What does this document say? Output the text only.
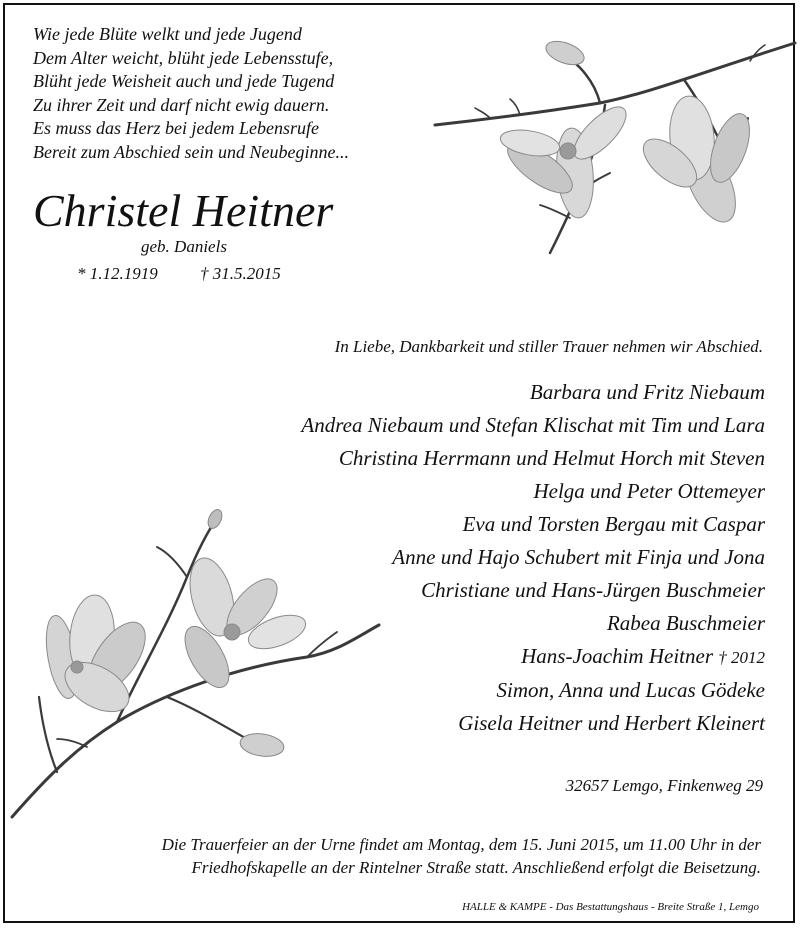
Wie jede Blüte welkt und jede Jugend
Dem Alter weicht, blüht jede Lebensstufe,
Blüht jede Weisheit auch und jede Tugend
Zu ihrer Zeit und darf nicht ewig dauern.
Es muss das Herz bei jedem Lebensrufe
Bereit zum Abschied sein und Neubeginne...
Christel Heitner
geb. Daniels
* 1.12.1919 † 31.5.2015
In Liebe, Dankbarkeit und stiller Trauer nehmen wir Abschied.
Barbara und Fritz Niebaum
Andrea Niebaum und Stefan Klischat mit Tim und Lara
Christina Herrmann und Helmut Horch mit Steven
Helga und Peter Ottemeyer
Eva und Torsten Bergau mit Caspar
Anne und Hajo Schubert mit Finja und Jona
Christiane und Hans-Jürgen Buschmeier
Rabea Buschmeier
Hans-Joachim Heitner † 2012
Simon, Anna und Lucas Gödeke
Gisela Heitner und Herbert Kleinert
32657 Lemgo, Finkenweg 29
Die Trauerfeier an der Urne findet am Montag, dem 15. Juni 2015, um 11.00 Uhr in der
Friedhofskapelle an der Rintelner Straße statt. Anschließend erfolgt die Beisetzung.
HALLE & KAMPE - Das Bestattungshaus - Breite Straße 1, Lemgo
